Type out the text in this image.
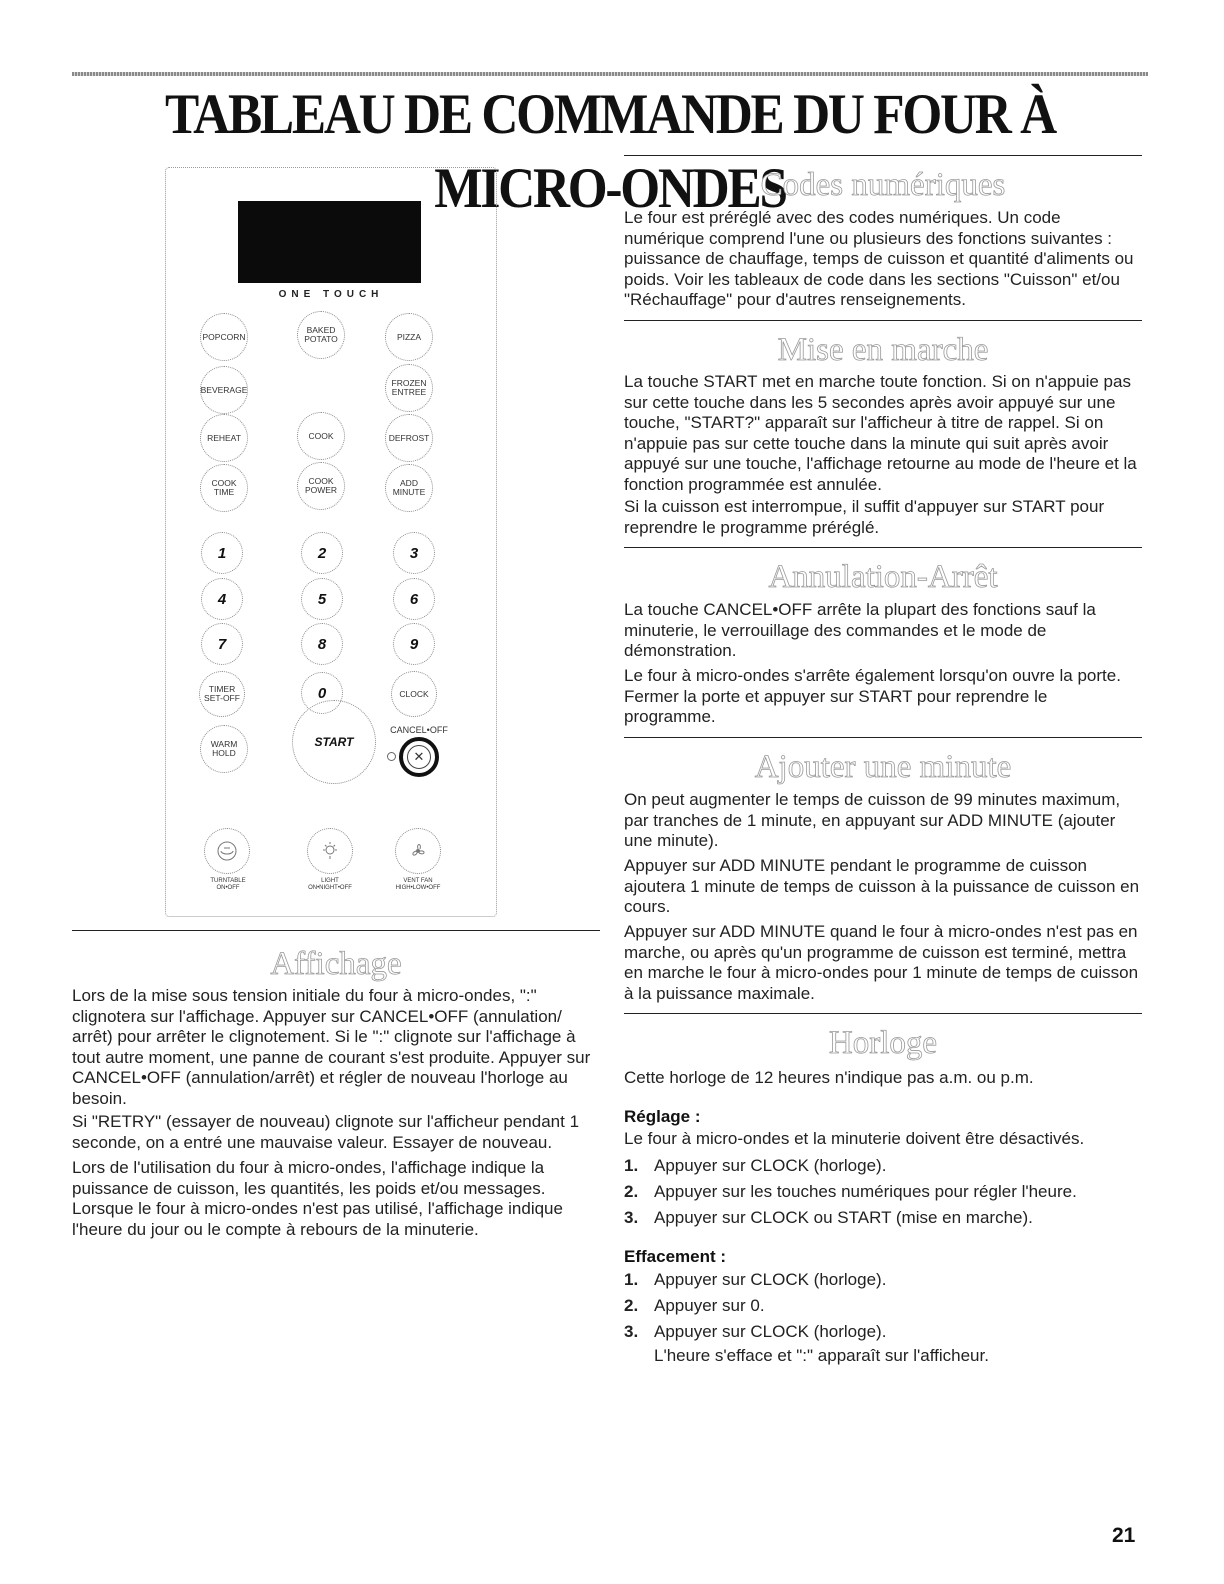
TABLEAU DE COMMANDE DU FOUR À MICRO-ONDES
ONE TOUCH
POPCORN
BAKED
POTATO	PIZZA
BEVERAGE
FROZEN
ENTREE
REHEAT	COOK	DEFROST
COOK
TIME
COOK
POWER
ADD
MINUTE
1	2	3
4	5	6
7	8	9
TIMER
SET-OFF	0	CLOCK
WARM
HOLD
START
CANCEL•OFF
✕
TURNTABLE
ON•OFF
LIGHT
ON•NIGHT•OFF
VENT FAN
HIGH•LOW•OFF
Affichage

Lors de la mise sous tension initiale du four à micro-ondes, ":" clignotera sur l'affichage. Appuyer sur CANCEL•OFF (annulation/ arrêt) pour arrêter le clignotement. Si le ":" clignote sur l'affichage à tout autre moment, une panne de courant s'est produite. Appuyer sur CANCEL•OFF (annulation/arrêt) et régler de nouveau l'horloge au besoin.

Si "RETRY" (essayer de nouveau) clignote sur l'afficheur pendant 1 seconde, on a entré une mauvaise valeur. Essayer de nouveau.

Lors de l'utilisation du four à micro-ondes, l'affichage indique la puissance de cuisson, les quantités, les poids et/ou messages. Lorsque le four à micro-ondes n'est pas utilisé, l'affichage indique l'heure du jour ou le compte à rebours de la minuterie.

Codes numériques

Le four est préréglé avec des codes numériques. Un code numérique comprend l'une ou plusieurs des fonctions suivantes : puissance de chauffage, temps de cuisson et quantité d'aliments ou poids. Voir les tableaux de code dans les sections "Cuisson" et/ou "Réchauffage" pour d'autres renseignements.

Mise en marche

La touche START met en marche toute fonction. Si on n'appuie pas sur cette touche dans les 5 secondes après avoir appuyé sur une touche, "START?" apparaît sur l'afficheur à titre de rappel. Si on n'appuie pas sur cette touche dans la minute qui suit après avoir appuyé sur une touche, l'affichage retourne au mode de l'heure et la fonction programmée est annulée.

Si la cuisson est interrompue, il suffit d'appuyer sur START pour reprendre le programme préréglé.

Annulation-Arrêt

La touche CANCEL•OFF arrête la plupart des fonctions sauf la minuterie, le verrouillage des commandes et le mode de démonstration.

Le four à micro-ondes s'arrête également lorsqu'on ouvre la porte. Fermer la porte et appuyer sur START pour reprendre le programme.

Ajouter une minute

On peut augmenter le temps de cuisson de 99 minutes maximum, par tranches de 1 minute, en appuyant sur ADD MINUTE (ajouter une minute).

Appuyer sur ADD MINUTE pendant le programme de cuisson ajoutera 1 minute de temps de cuisson à la puissance de cuisson en cours.

Appuyer sur ADD MINUTE quand le four à micro-ondes n'est pas en marche, ou après qu'un programme de cuisson est terminé, mettra en marche le four à micro-ondes pour 1 minute de temps de cuisson à la puissance maximale.

Horloge

Cette horloge de 12 heures n'indique pas a.m. ou p.m.

Réglage :

Le four à micro-ondes et la minuterie doivent être désactivés.

1. Appuyer sur CLOCK (horloge).
2. Appuyer sur les touches numériques pour régler l'heure.
3. Appuyer sur CLOCK ou START (mise en marche).
Effacement :
1. Appuyer sur CLOCK (horloge).
2. Appuyer sur 0.
3. Appuyer sur CLOCK (horloge).
L'heure s'efface et ":" apparaît sur l'afficheur.
21
